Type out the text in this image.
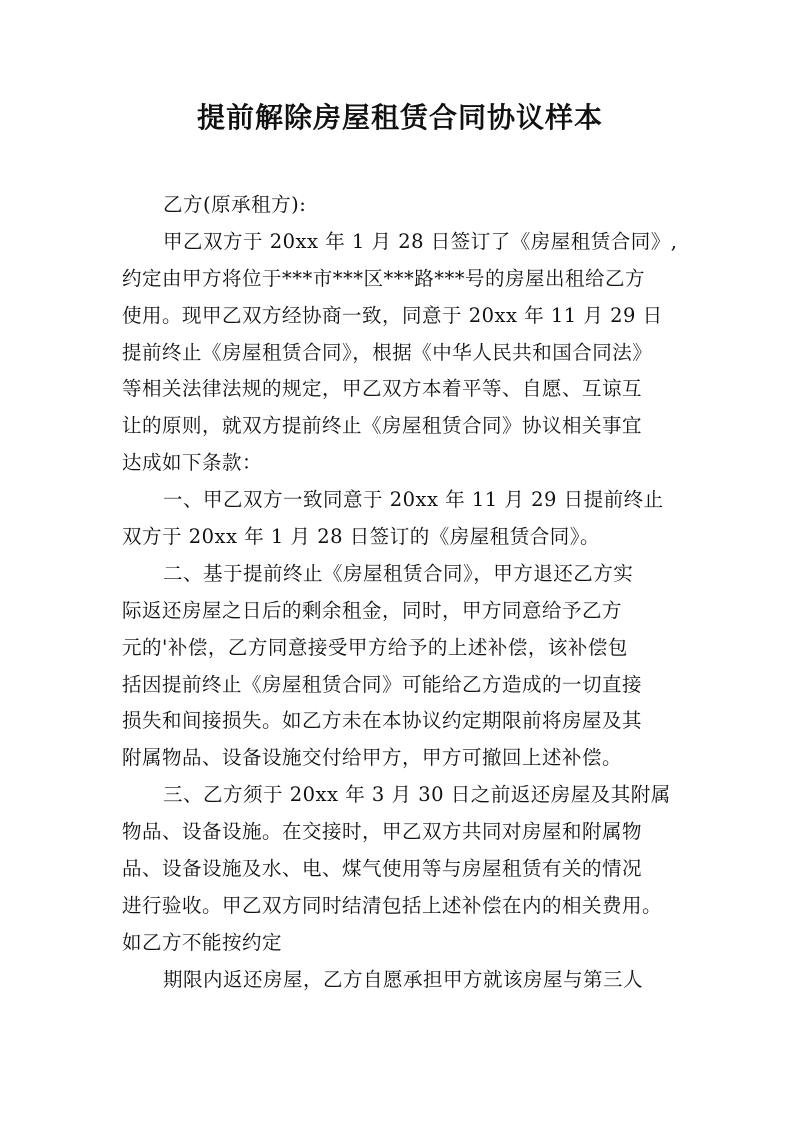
提前解除房屋租赁合同协议样本
乙方(原承租方):
甲乙双方于 20xx 年 1 月 28 日签订了《房屋租赁合同》,
约定由甲方将位于***市***区***路***号的房屋出租给乙方
使用。现甲乙双方经协商一致，同意于 20xx 年 11 月 29 日
提前终止《房屋租赁合同》，根据《中华人民共和国合同法》
等相关法律法规的规定，甲乙双方本着平等、自愿、互谅互
让的原则，就双方提前终止《房屋租赁合同》协议相关事宜
达成如下条款：
一、甲乙双方一致同意于 20xx 年 11 月 29 日提前终止
双方于 20xx 年 1 月 28 日签订的《房屋租赁合同》。
二、基于提前终止《房屋租赁合同》，甲方退还乙方实
际返还房屋之日后的剩余租金，同时，甲方同意给予乙方
元的'补偿，乙方同意接受甲方给予的上述补偿，该补偿包
括因提前终止《房屋租赁合同》可能给乙方造成的一切直接
损失和间接损失。如乙方未在本协议约定期限前将房屋及其
附属物品、设备设施交付给甲方，甲方可撤回上述补偿。
三、乙方须于 20xx 年 3 月 30 日之前返还房屋及其附属
物品、设备设施。在交接时，甲乙双方共同对房屋和附属物
品、设备设施及水、电、煤气使用等与房屋租赁有关的情况
进行验收。甲乙双方同时结清包括上述补偿在内的相关费用。
如乙方不能按约定
期限内返还房屋，乙方自愿承担甲方就该房屋与第三人
